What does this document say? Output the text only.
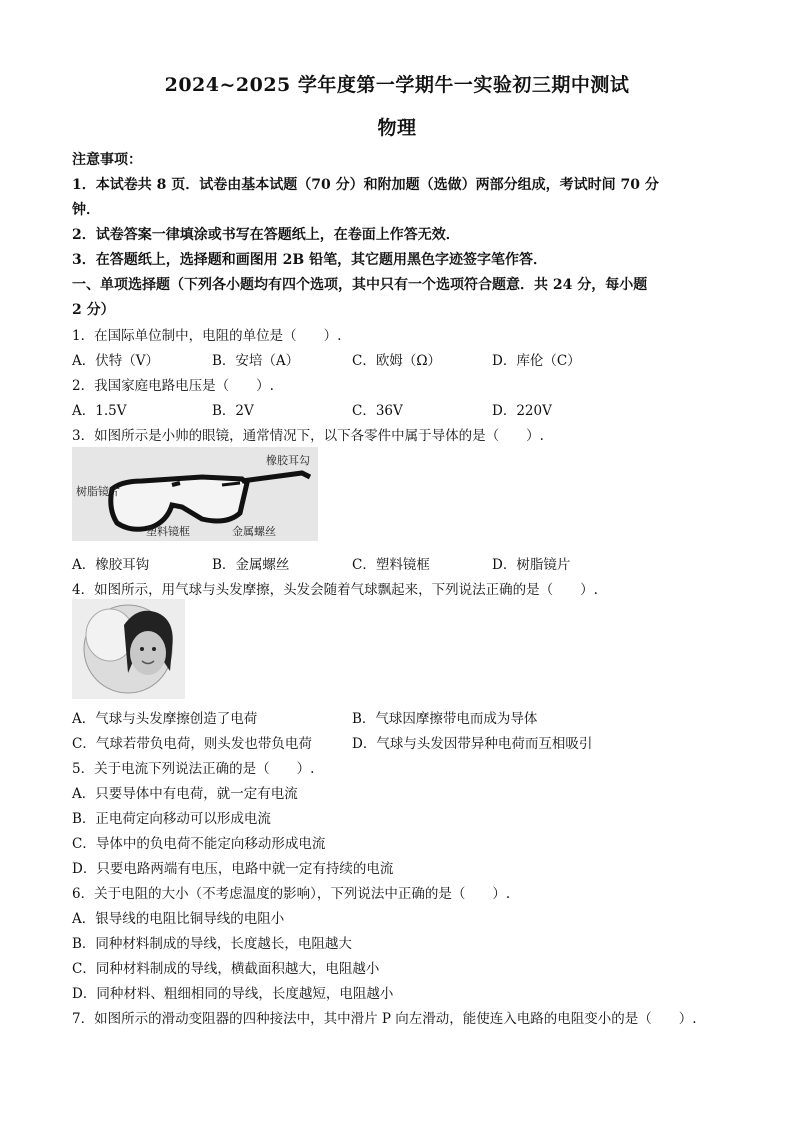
2024~2025 学年度第一学期牛一实验初三期中测试
物理
注意事项：
1．本试卷共 8 页．试卷由基本试题（70 分）和附加题（选做）两部分组成，考试时间 70 分
钟．
2．试卷答案一律填涂或书写在答题纸上，在卷面上作答无效．
3．在答题纸上，选择题和画图用 2B 铅笔，其它题用黑色字迹签字笔作答．
一、单项选择题（下列各小题均有四个选项，其中只有一个选项符合题意．共 24 分，每小题
2 分）
1．在国际单位制中，电阻的单位是（　　）.
A．伏特（V）	B．安培（A）	C．欧姆（Ω）	D．库伦（C）
2．我国家庭电路电压是（　　）.
A．1.5V	B．2V	C．36V	D．220V
3．如图所示是小帅的眼镜，通常情况下，以下各零件中属于导体的是（　　）.
橡胶耳勾
树脂镜片
塑料镜框	金属螺丝
A．橡胶耳钩	B．金属螺丝	C．塑料镜框	D．树脂镜片
4．如图所示，用气球与头发摩擦，头发会随着气球飘起来，下列说法正确的是（　　）.
A．气球与头发摩擦创造了电荷	B．气球因摩擦带电而成为导体
C．气球若带负电荷，则头发也带负电荷	D．气球与头发因带异种电荷而互相吸引
5．关于电流下列说法正确的是（　　）.
A．只要导体中有电荷，就一定有电流
B．正电荷定向移动可以形成电流
C．导体中的负电荷不能定向移动形成电流
D．只要电路两端有电压，电路中就一定有持续的电流
6．关于电阻的大小（不考虑温度的影响），下列说法中正确的是（　　）.
A．银导线的电阻比铜导线的电阻小
B．同种材料制成的导线，长度越长，电阻越大
C．同种材料制成的导线，横截面积越大，电阻越小
D．同种材料、粗细相同的导线，长度越短，电阻越小
7．如图所示的滑动变阻器的四种接法中，其中滑片 P 向左滑动，能使连入电路的电阻变小的是（　　）.
